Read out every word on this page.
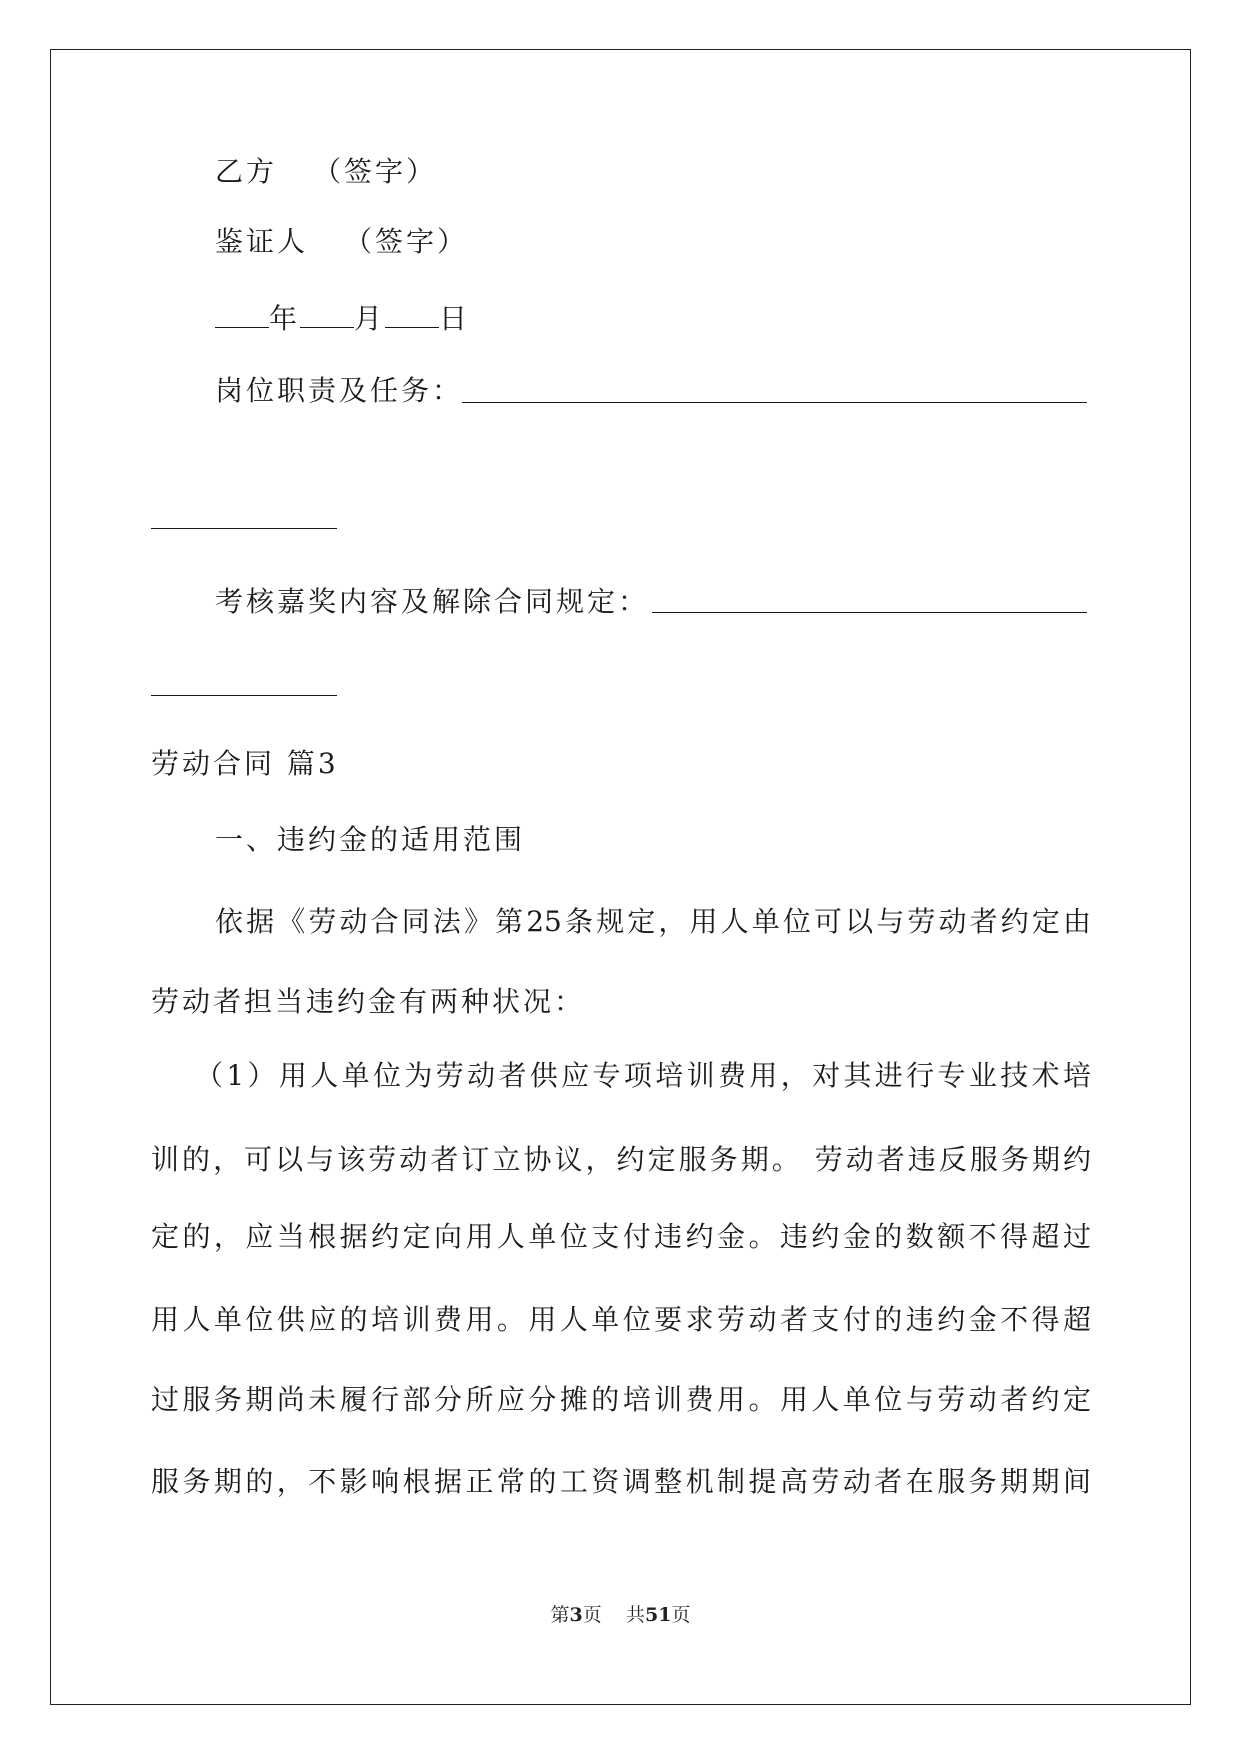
乙方 （签字）
鉴证人 （签字）
年 月 日
岗位职责及任务：
考核嘉奖内容及解除合同规定：
劳动合同 篇3
一、违约金的适用范围
依据《劳动合同法》第25条规定，用人单位可以与劳动者约定由
劳动者担当违约金有两种状况：
（1）用人单位为劳动者供应专项培训费用，对其进行专业技术培
训的，可以与该劳动者订立协议，约定服务期。 劳动者违反服务期约
定的，应当根据约定向用人单位支付违约金。违约金的数额不得超过
用人单位供应的培训费用。用人单位要求劳动者支付的违约金不得超
过服务期尚未履行部分所应分摊的培训费用。用人单位与劳动者约定
服务期的，不影响根据正常的工资调整机制提高劳动者在服务期期间
第3页 共51页
